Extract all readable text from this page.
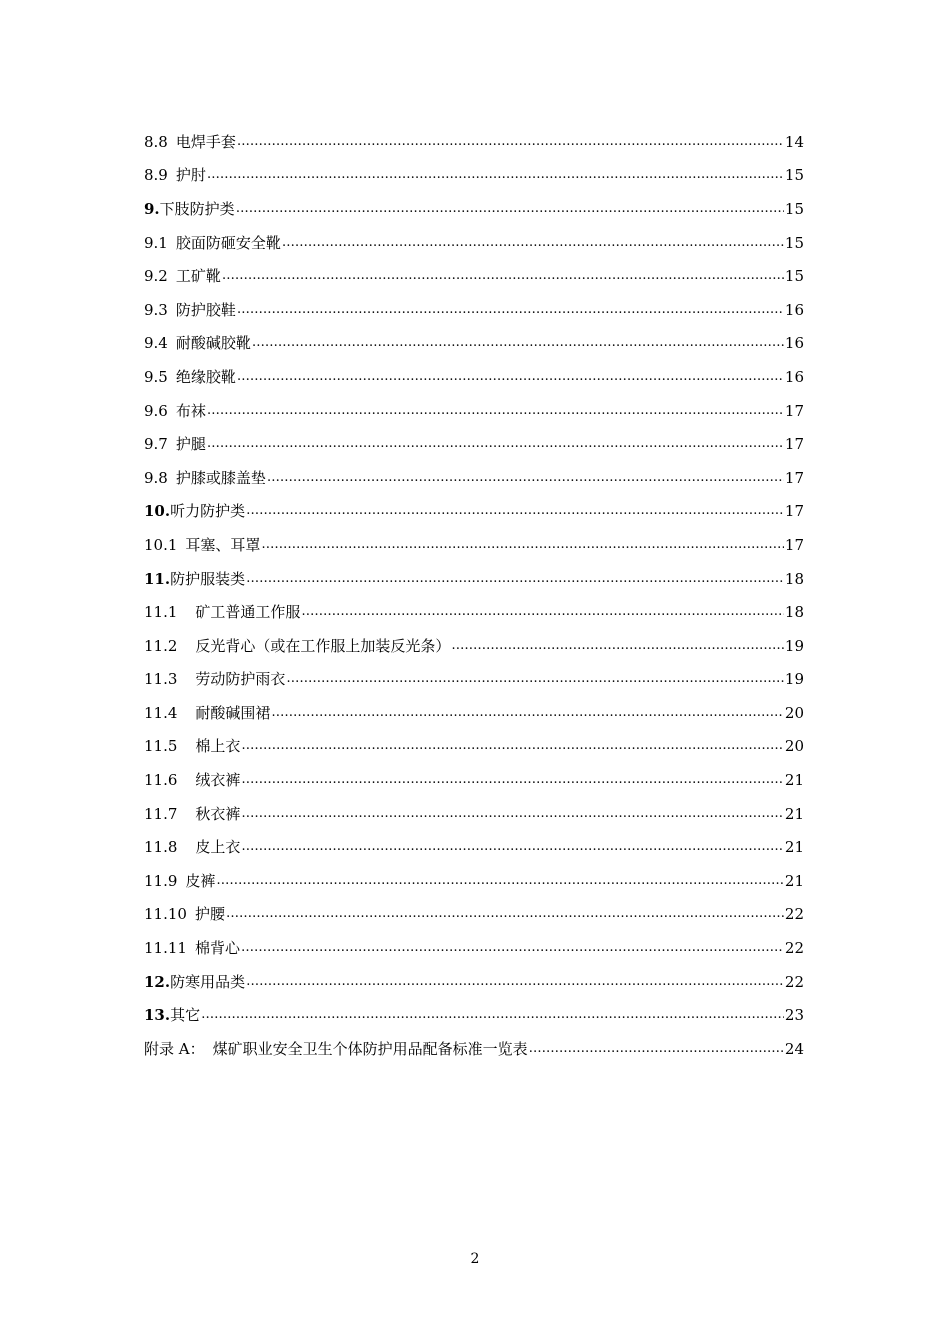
8.8 电焊手套 ……………………………………………………………………………………………………………………………………………………………………………………………………………	14
8.9 护肘 ……………………………………………………………………………………………………………………………………………………………………………………………………………	15
9. 下肢防护类 ……………………………………………………………………………………………………………………………………………………………………………………………………………	15
9.1 胶面防砸安全靴 ……………………………………………………………………………………………………………………………………………………………………………………………………………	15
9.2 工矿靴 ……………………………………………………………………………………………………………………………………………………………………………………………………………	15
9.3 防护胶鞋 ……………………………………………………………………………………………………………………………………………………………………………………………………………	16
9.4 耐酸碱胶靴 ……………………………………………………………………………………………………………………………………………………………………………………………………………	16
9.5 绝缘胶靴 ……………………………………………………………………………………………………………………………………………………………………………………………………………	16
9.6 布袜 ……………………………………………………………………………………………………………………………………………………………………………………………………………	17
9.7 护腿 ……………………………………………………………………………………………………………………………………………………………………………………………………………	17
9.8 护膝或膝盖垫 ……………………………………………………………………………………………………………………………………………………………………………………………………………	17
10. 听力防护类 ……………………………………………………………………………………………………………………………………………………………………………………………………………	17
10.1 耳塞、耳罩 ……………………………………………………………………………………………………………………………………………………………………………………………………………	17
11. 防护服装类 ……………………………………………………………………………………………………………………………………………………………………………………………………………	18
11.1 矿工普通工作服 ……………………………………………………………………………………………………………………………………………………………………………………………………………	18
11.2 反光背心（或在工作服上加装反光条） ……………………………………………………………………………………………………………………………………………………………………………………………………………	19
11.3 劳动防护雨衣 ……………………………………………………………………………………………………………………………………………………………………………………………………………	19
11.4 耐酸碱围裙 ……………………………………………………………………………………………………………………………………………………………………………………………………………	20
11.5 棉上衣 ……………………………………………………………………………………………………………………………………………………………………………………………………………	20
11.6 绒衣裤 ……………………………………………………………………………………………………………………………………………………………………………………………………………	21
11.7 秋衣裤 ……………………………………………………………………………………………………………………………………………………………………………………………………………	21
11.8 皮上衣 ……………………………………………………………………………………………………………………………………………………………………………………………………………	21
11.9 皮裤 ……………………………………………………………………………………………………………………………………………………………………………………………………………	21
11.10 护腰 ……………………………………………………………………………………………………………………………………………………………………………………………………………	22
11.11 棉背心 ……………………………………………………………………………………………………………………………………………………………………………………………………………	22
12. 防寒用品类 ……………………………………………………………………………………………………………………………………………………………………………………………………………	22
13. 其它 ……………………………………………………………………………………………………………………………………………………………………………………………………………	23
附录 A： 煤矿职业安全卫生个体防护用品配备标准一览表 ……………………………………………………………………………………………………………………………………………………………………………………………………………	24
2
